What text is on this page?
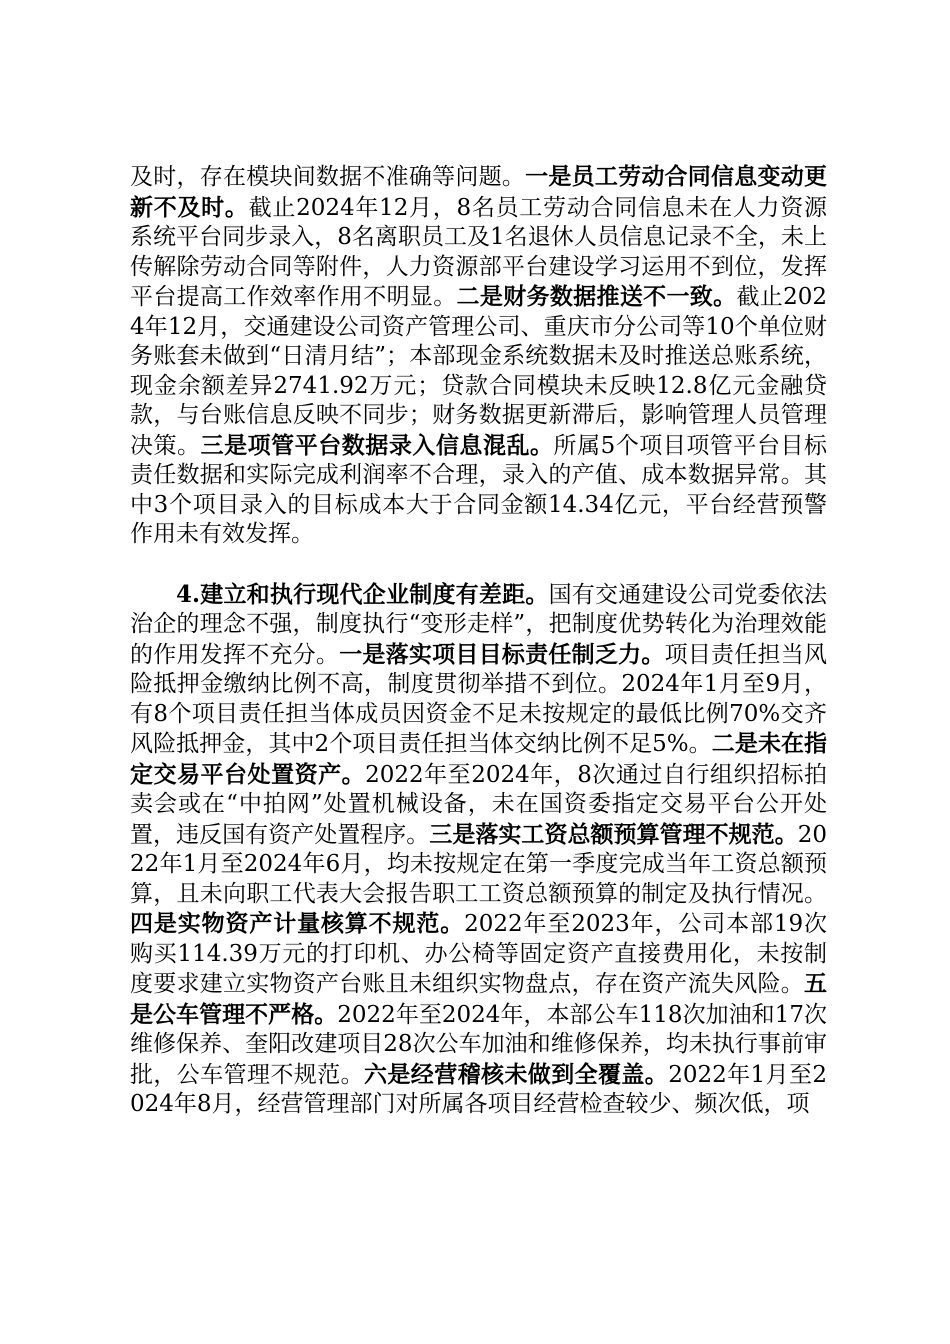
及时，存在模块间数据不准确等问题。一是员工劳动合同信息变动更新不及时。截止2024年12月，8名员工劳动合同信息未在人力资源系统平台同步录入，8名离职员工及1名退休人员信息记录不全，未上传解除劳动合同等附件，人力资源部平台建设学习运用不到位，发挥平台提高工作效率作用不明显。二是财务数据推送不一致。截止2024年12月，交通建设公司资产管理公司、重庆市分公司等10个单位财务账套未做到“日清月结”；本部现金系统数据未及时推送总账系统，现金余额差异2741.92万元；贷款合同模块未反映12.8亿元金融贷款，与台账信息反映不同步；财务数据更新滞后，影响管理人员管理决策。三是项管平台数据录入信息混乱。所属5个项目项管平台目标责任数据和实际完成利润率不合理，录入的产值、成本数据异常。其中3个项目录入的目标成本大于合同金额14.34亿元，平台经营预警作用未有效发挥。

4.建立和执行现代企业制度有差距。国有交通建设公司党委依法治企的理念不强，制度执行“变形走样”，把制度优势转化为治理效能的作用发挥不充分。一是落实项目目标责任制乏力。项目责任担当风险抵押金缴纳比例不高，制度贯彻举措不到位。2024年1月至9月，有8个项目责任担当体成员因资金不足未按规定的最低比例70%交齐风险抵押金，其中2个项目责任担当体交纳比例不足5%。二是未在指定交易平台处置资产。2022年至2024年，8次通过自行组织招标拍卖会或在“中拍网”处置机械设备，未在国资委指定交易平台公开处置，违反国有资产处置程序。三是落实工资总额预算管理不规范。2022年1月至2024年6月，均未按规定在第一季度完成当年工资总额预算，且未向职工代表大会报告职工工资总额预算的制定及执行情况。四是实物资产计量核算不规范。2022年至2023年，公司本部19次购买114.39万元的打印机、办公椅等固定资产直接费用化，未按制度要求建立实物资产台账且未组织实物盘点，存在资产流失风险。五是公车管理不严格。2022年至2024年，本部公车118次加油和17次维修保养、奎阳改建项目28次公车加油和维修保养，均未执行事前审批，公车管理不规范。六是经营稽核未做到全覆盖。2022年1月至2024年8月，经营管理部门对所属各项目经营检查较少、频次低，项
